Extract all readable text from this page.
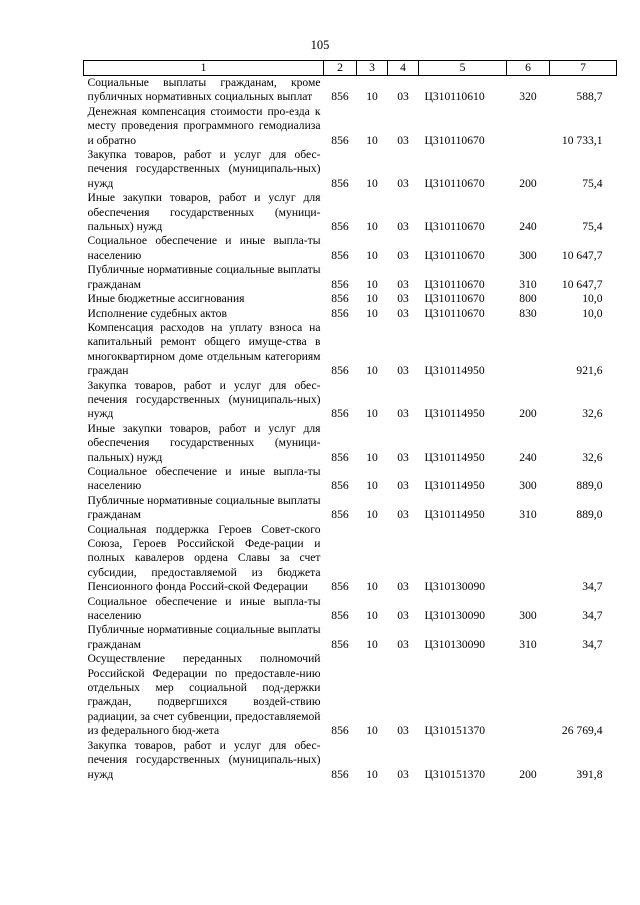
105
1	2	3	4	5	6	7
Социальные выплаты гражданам, кроме публичных нормативных социальных выплат	856	10	03	Ц310110610	320	588,7
Денежная компенсация стоимости про-езда к месту проведения программного гемодиализа и обратно	856	10	03	Ц310110670		10 733,1
Закупка товаров, работ и услуг для обес-печения государственных (муниципаль-ных) нужд	856	10	03	Ц310110670	200	75,4
Иные закупки товаров, работ и услуг для обеспечения государственных (муници-пальных) нужд	856	10	03	Ц310110670	240	75,4
Социальное обеспечение и иные выпла-ты населению	856	10	03	Ц310110670	300	10 647,7
Публичные нормативные социальные выплаты гражданам	856	10	03	Ц310110670	310	10 647,7
Иные бюджетные ассигнования	856	10	03	Ц310110670	800	10,0
Исполнение судебных актов	856	10	03	Ц310110670	830	10,0
Компенсация расходов на уплату взноса на капитальный ремонт общего имуще-ства в многоквартирном доме отдельным категориям граждан	856	10	03	Ц310114950		921,6
Закупка товаров, работ и услуг для обес-печения государственных (муниципаль-ных) нужд	856	10	03	Ц310114950	200	32,6
Иные закупки товаров, работ и услуг для обеспечения государственных (муници-пальных) нужд	856	10	03	Ц310114950	240	32,6
Социальное обеспечение и иные выпла-ты населению	856	10	03	Ц310114950	300	889,0
Публичные нормативные социальные выплаты гражданам	856	10	03	Ц310114950	310	889,0
Социальная поддержка Героев Совет-ского Союза, Героев Российской Феде-рации и полных кавалеров ордена Славы за счет субсидии, предоставляемой из бюджета Пенсионного фонда Россий-ской Федерации	856	10	03	Ц310130090		34,7
Социальное обеспечение и иные выпла-ты населению	856	10	03	Ц310130090	300	34,7
Публичные нормативные социальные выплаты гражданам	856	10	03	Ц310130090	310	34,7
Осуществление переданных полномочий Российской Федерации по предоставле-нию отдельных мер социальной под-держки граждан, подвергшихся воздей-ствию радиации, за счет субвенции, предоставляемой из федерального бюд-жета	856	10	03	Ц310151370		26 769,4
Закупка товаров, работ и услуг для обес-печения государственных (муниципаль-ных) нужд	856	10	03	Ц310151370	200	391,8
